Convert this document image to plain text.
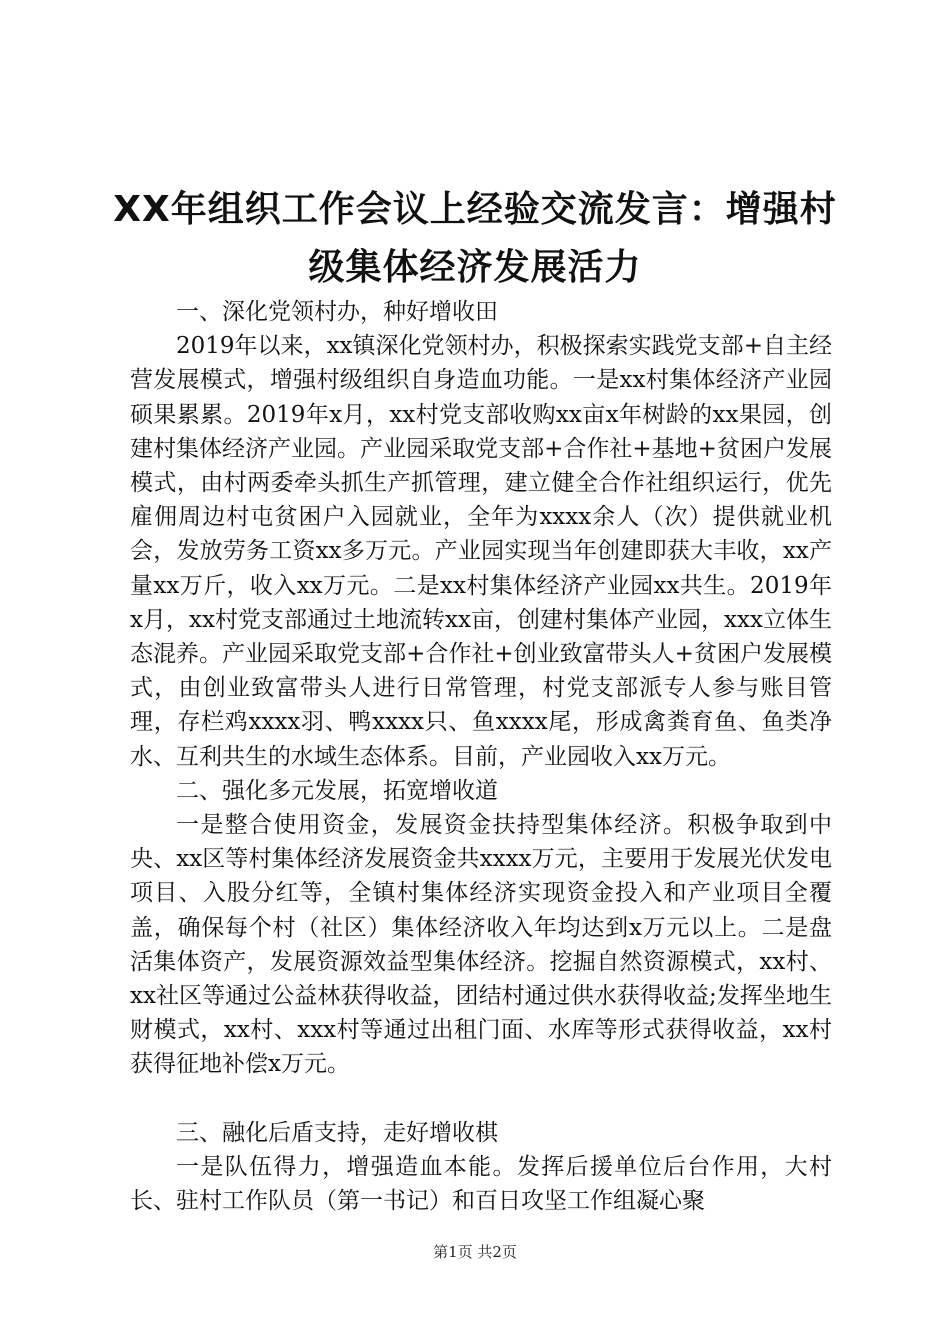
XX年组织工作会议上经验交流发言：增强村
级集体经济发展活力

一、深化党领村办，种好增收田

2019年以来，xx镇深化党领村办，积极探索实践党支部+自主经营发展模式，增强村级组织自身造血功能。一是xx村集体经济产业园硕果累累。2019年x月，xx村党支部收购xx亩x年树龄的xx果园，创建村集体经济产业园。产业园采取党支部+合作社+基地+贫困户发展模式，由村两委牵头抓生产抓管理，建立健全合作社组织运行，优先雇佣周边村屯贫困户入园就业，全年为xxxx余人（次）提供就业机会，发放劳务工资xx多万元。产业园实现当年创建即获大丰收，xx产量xx万斤，收入xx万元。二是xx村集体经济产业园xx共生。2019年x月，xx村党支部通过土地流转xx亩，创建村集体产业园，xxx立体生态混养。产业园采取党支部+合作社+创业致富带头人+贫困户发展模式，由创业致富带头人进行日常管理，村党支部派专人参与账目管理，存栏鸡xxxx羽、鸭xxxx只、鱼xxxx尾，形成禽粪育鱼、鱼类净水、互利共生的水域生态体系。目前，产业园收入xx万元。

二、强化多元发展，拓宽增收道

一是整合使用资金，发展资金扶持型集体经济。积极争取到中央、xx区等村集体经济发展资金共xxxx万元，主要用于发展光伏发电项目、入股分红等，全镇村集体经济实现资金投入和产业项目全覆盖，确保每个村（社区）集体经济收入年均达到x万元以上。二是盘活集体资产，发展资源效益型集体经济。挖掘自然资源模式，xx村、xx社区等通过公益林获得收益，团结村通过供水获得收益;发挥坐地生财模式，xx村、xxx村等通过出租门面、水库等形式获得收益，xx村获得征地补偿x万元。

三、融化后盾支持，走好增收棋

一是队伍得力，增强造血本能。发挥后援单位后台作用，大村长、驻村工作队员（第一书记）和百日攻坚工作组凝心聚

第1页 共2页
